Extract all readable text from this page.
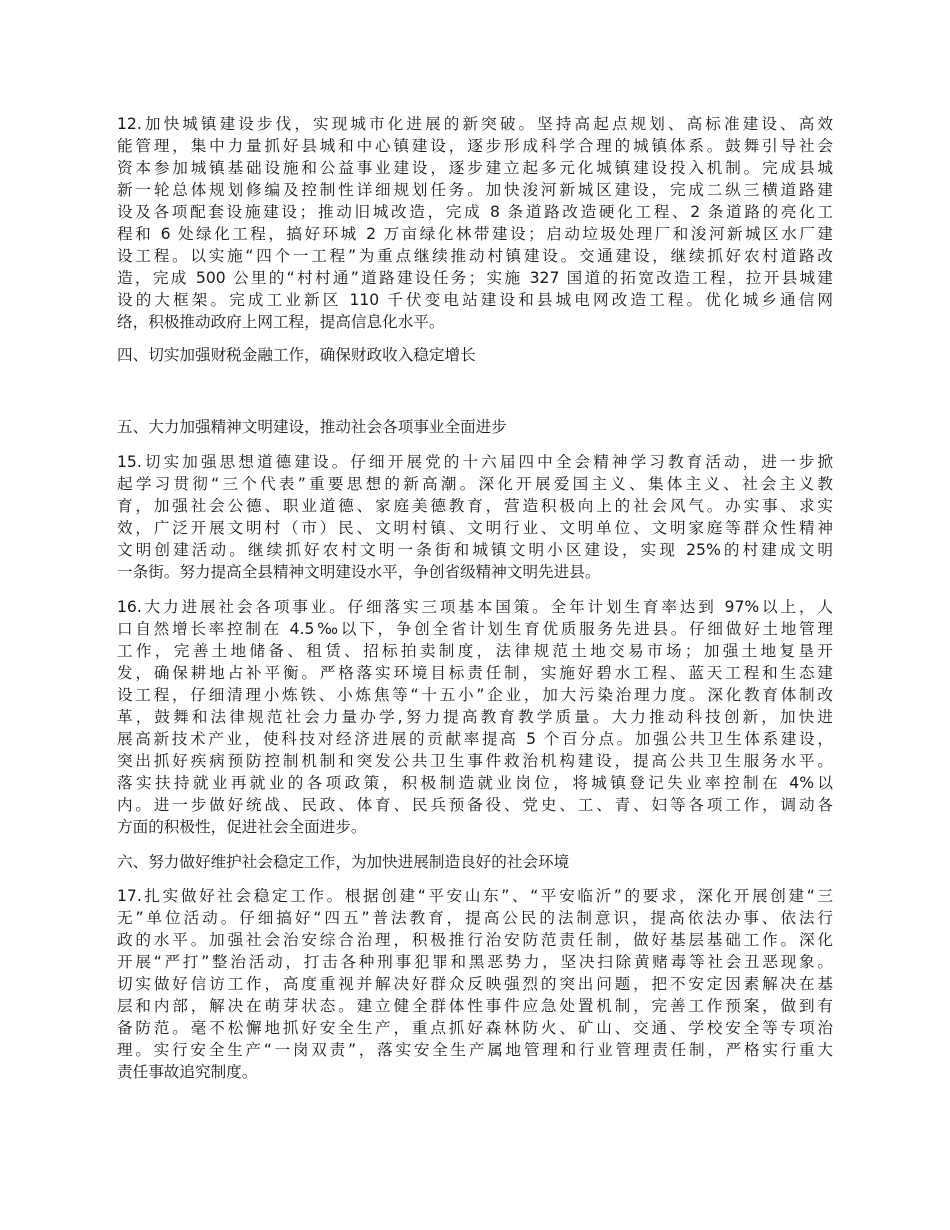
12.加快城镇建设步伐，实现城市化进展的新突破。坚持高起点规划、高标准建设、高效
能管理，集中力量抓好县城和中心镇建设，逐步形成科学合理的城镇体系。鼓舞引导社会
资本参加城镇基础设施和公益事业建设，逐步建立起多元化城镇建设投入机制。完成县城
新一轮总体规划修编及控制性详细规划任务。加快浚河新城区建设，完成二纵三横道路建
设及各项配套设施建设；推动旧城改造，完成 8 条道路改造硬化工程、2 条道路的亮化工
程和 6 处绿化工程，搞好环城 2 万亩绿化林带建设；启动垃圾处理厂和浚河新城区水厂建
设工程。以实施“四个一工程”为重点继续推动村镇建设。交通建设，继续抓好农村道路改
造，完成 500 公里的“村村通”道路建设任务；实施 327 国道的拓宽改造工程，拉开县城建
设的大框架。完成工业新区 110 千伏变电站建设和县城电网改造工程。优化城乡通信网
络，积极推动政府上网工程，提高信息化水平。
四、切实加强财税金融工作，确保财政收入稳定增长
五、大力加强精神文明建设，推动社会各项事业全面进步
15.切实加强思想道德建设。仔细开展党的十六届四中全会精神学习教育活动，进一步掀
起学习贯彻“三个代表”重要思想的新高潮。深化开展爱国主义、集体主义、社会主义教
育，加强社会公德、职业道德、家庭美德教育，营造积极向上的社会风气。办实事、求实
效，广泛开展文明村（市）民、文明村镇、文明行业、文明单位、文明家庭等群众性精神
文明创建活动。继续抓好农村文明一条街和城镇文明小区建设，实现 25%的村建成文明
一条街。努力提高全县精神文明建设水平，争创省级精神文明先进县。
16.大力进展社会各项事业。仔细落实三项基本国策。全年计划生育率达到 97%以上，人
口自然增长率控制在 4.5‰以下，争创全省计划生育优质服务先进县。仔细做好土地管理
工作，完善土地储备、租赁、招标拍卖制度，法律规范土地交易市场；加强土地复垦开
发，确保耕地占补平衡。严格落实环境目标责任制，实施好碧水工程、蓝天工程和生态建
设工程，仔细清理小炼铁、小炼焦等“十五小”企业，加大污染治理力度。深化教育体制改
革，鼓舞和法律规范社会力量办学,努力提高教育教学质量。大力推动科技创新，加快进
展高新技术产业，使科技对经济进展的贡献率提高 5 个百分点。加强公共卫生体系建设，
突出抓好疾病预防控制机制和突发公共卫生事件救治机构建设，提高公共卫生服务水平。
落实扶持就业再就业的各项政策，积极制造就业岗位，将城镇登记失业率控制在 4%以
内。进一步做好统战、民政、体育、民兵预备役、党史、工、青、妇等各项工作，调动各
方面的积极性，促进社会全面进步。
六、努力做好维护社会稳定工作，为加快进展制造良好的社会环境
17.扎实做好社会稳定工作。根据创建“平安山东”、“平安临沂”的要求，深化开展创建“三
无”单位活动。仔细搞好“四五”普法教育，提高公民的法制意识，提高依法办事、依法行
政的水平。加强社会治安综合治理，积极推行治安防范责任制，做好基层基础工作。深化
开展“严打”整治活动，打击各种刑事犯罪和黑恶势力，坚决扫除黄赌毒等社会丑恶现象。
切实做好信访工作，高度重视并解决好群众反映强烈的突出问题，把不安定因素解决在基
层和内部，解决在萌芽状态。建立健全群体性事件应急处置机制，完善工作预案，做到有
备防范。毫不松懈地抓好安全生产，重点抓好森林防火、矿山、交通、学校安全等专项治
理。实行安全生产“一岗双责”，落实安全生产属地管理和行业管理责任制，严格实行重大
责任事故追究制度。
